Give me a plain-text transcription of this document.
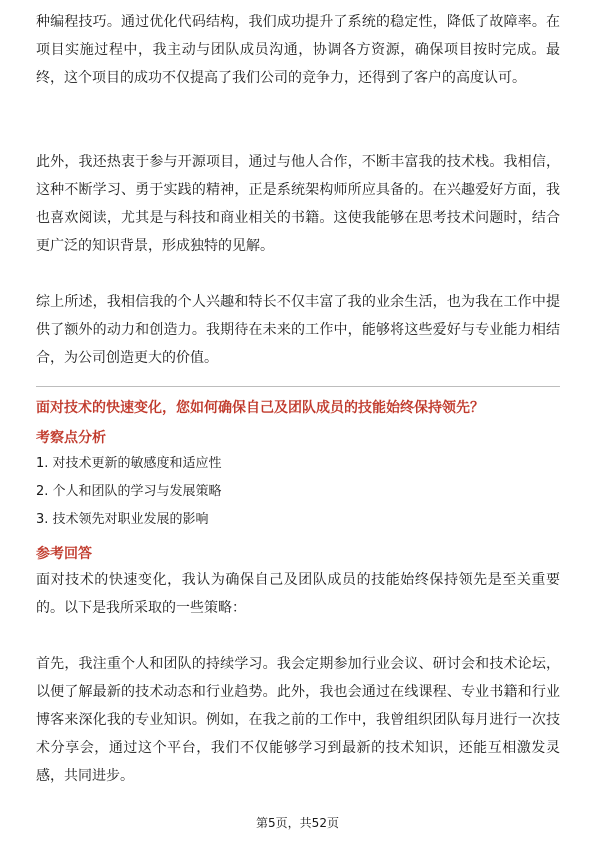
种编程技巧。通过优化代码结构，我们成功提升了系统的稳定性，降低了故障率。在项目实施过程中，我主动与团队成员沟通，协调各方资源，确保项目按时完成。最终，这个项目的成功不仅提高了我们公司的竞争力，还得到了客户的高度认可。

此外，我还热衷于参与开源项目，通过与他人合作，不断丰富我的技术栈。我相信，这种不断学习、勇于实践的精神，正是系统架构师所应具备的。在兴趣爱好方面，我也喜欢阅读，尤其是与科技和商业相关的书籍。这使我能够在思考技术问题时，结合更广泛的知识背景，形成独特的见解。

综上所述，我相信我的个人兴趣和特长不仅丰富了我的业余生活，也为我在工作中提供了额外的动力和创造力。我期待在未来的工作中，能够将这些爱好与专业能力相结合，为公司创造更大的价值。

面对技术的快速变化，您如何确保自己及团队成员的技能始终保持领先？

考察点分析

1. 对技术更新的敏感度和适应性

2. 个人和团队的学习与发展策略

3. 技术领先对职业发展的影响

参考回答

面对技术的快速变化，我认为确保自己及团队成员的技能始终保持领先是至关重要的。以下是我所采取的一些策略：

首先，我注重个人和团队的持续学习。我会定期参加行业会议、研讨会和技术论坛，以便了解最新的技术动态和行业趋势。此外，我也会通过在线课程、专业书籍和行业博客来深化我的专业知识。例如，在我之前的工作中，我曾组织团队每月进行一次技术分享会，通过这个平台，我们不仅能够学习到最新的技术知识，还能互相激发灵感，共同进步。

第5页，共52页
